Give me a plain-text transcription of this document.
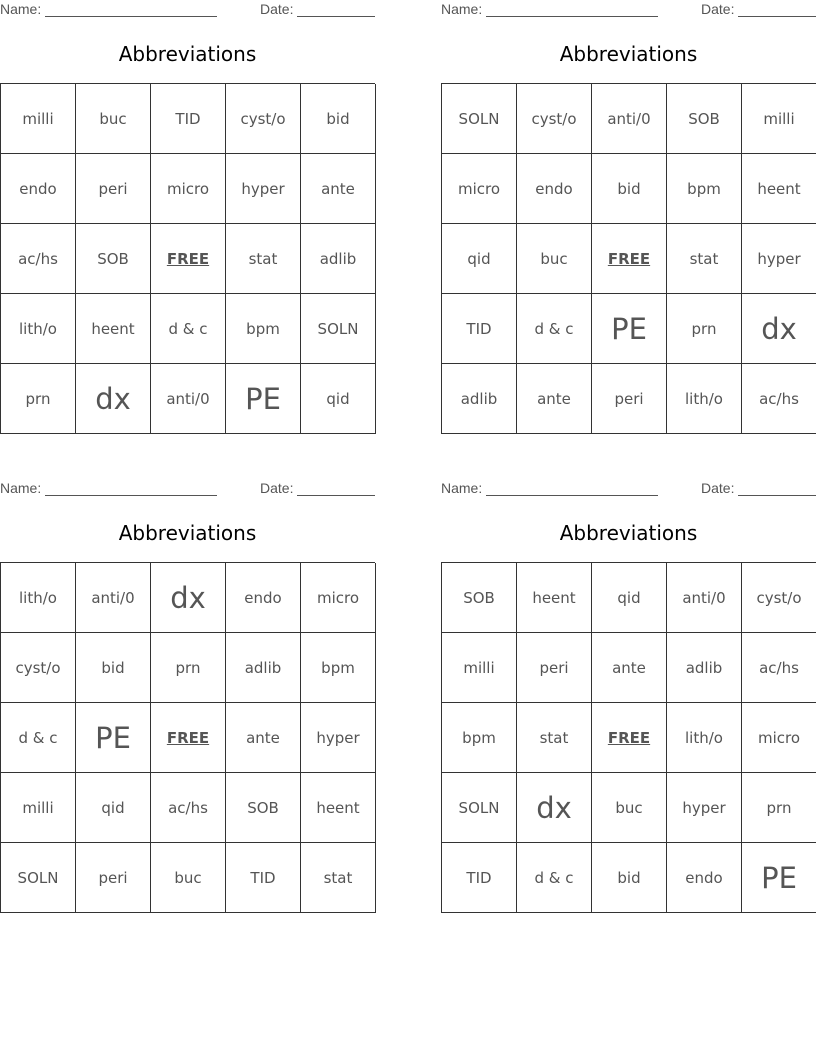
Name:	Date:
Abbreviations
milli	buc	TID	cyst/o	bid
endo	peri	micro	hyper	ante
ac/hs	SOB	FREE	stat	adlib
lith/o	heent	d & c	bpm	SOLN
prn	dx	anti/0	PE	qid
Name:	Date:
Abbreviations
SOLN	cyst/o	anti/0	SOB	milli
micro	endo	bid	bpm	heent
qid	buc	FREE	stat	hyper
TID	d & c	PE	prn	dx
adlib	ante	peri	lith/o	ac/hs
Name:	Date:
Abbreviations
lith/o	anti/0	dx	endo	micro
cyst/o	bid	prn	adlib	bpm
d & c	PE	FREE	ante	hyper
milli	qid	ac/hs	SOB	heent
SOLN	peri	buc	TID	stat
Name:	Date:
Abbreviations
SOB	heent	qid	anti/0	cyst/o
milli	peri	ante	adlib	ac/hs
bpm	stat	FREE	lith/o	micro
SOLN	dx	buc	hyper	prn
TID	d & c	bid	endo	PE
